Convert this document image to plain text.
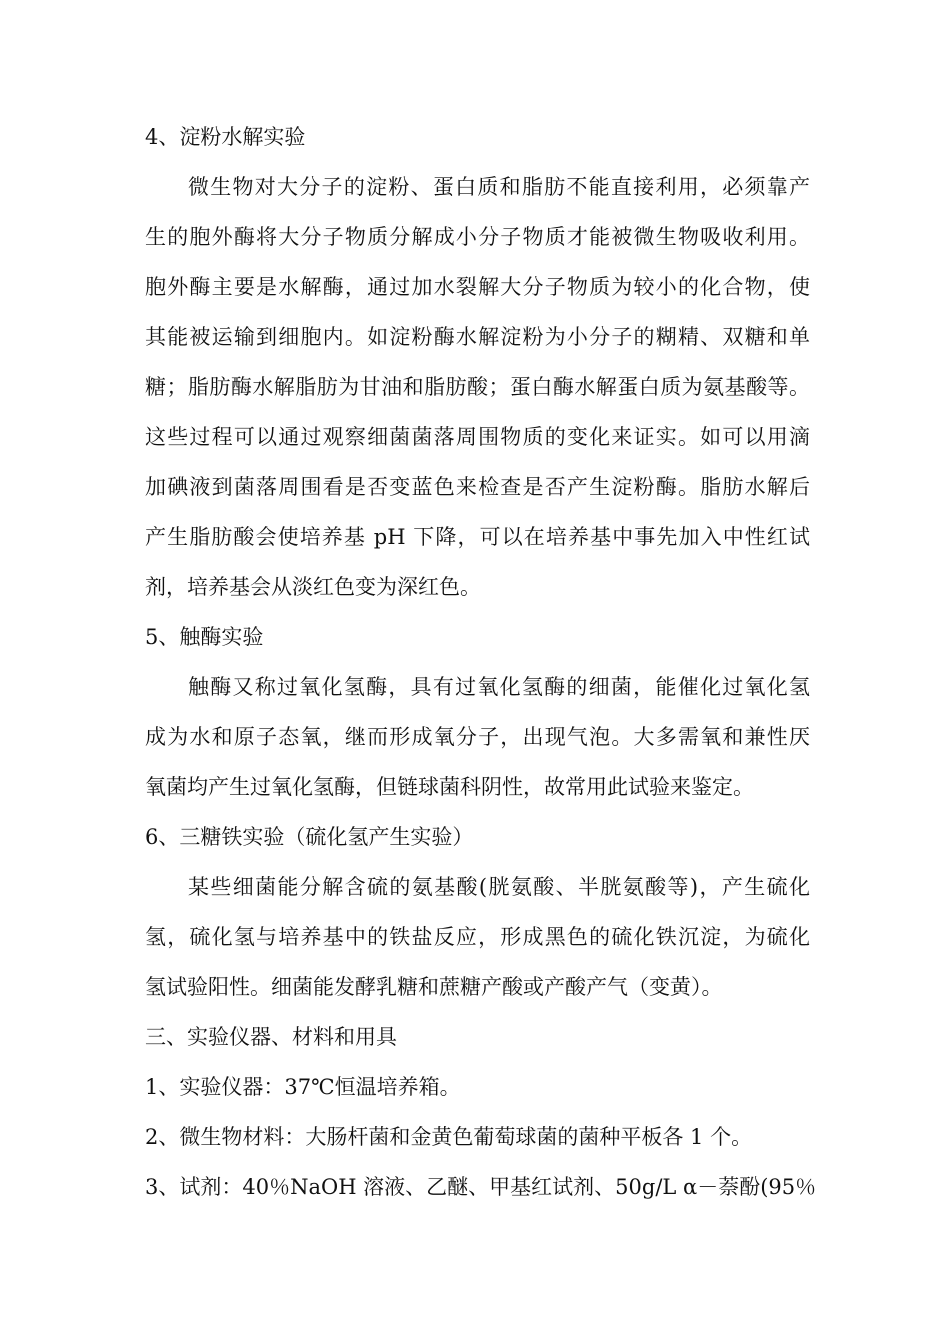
4、淀粉水解实验
微生物对大分子的淀粉、蛋白质和脂肪不能直接利用，必须靠产
生的胞外酶将大分子物质分解成小分子物质才能被微生物吸收利用。
胞外酶主要是水解酶，通过加水裂解大分子物质为较小的化合物，使
其能被运输到细胞内。如淀粉酶水解淀粉为小分子的糊精、双糖和单
糖；脂肪酶水解脂肪为甘油和脂肪酸；蛋白酶水解蛋白质为氨基酸等。
这些过程可以通过观察细菌菌落周围物质的变化来证实。如可以用滴
加碘液到菌落周围看是否变蓝色来检查是否产生淀粉酶。脂肪水解后
产生脂肪酸会使培养基 pH 下降，可以在培养基中事先加入中性红试
剂，培养基会从淡红色变为深红色。
5、触酶实验
触酶又称过氧化氢酶，具有过氧化氢酶的细菌，能催化过氧化氢
成为水和原子态氧，继而形成氧分子，出现气泡。大多需氧和兼性厌
氧菌均产生过氧化氢酶，但链球菌科阴性，故常用此试验来鉴定。
6、三糖铁实验（硫化氢产生实验）
某些细菌能分解含硫的氨基酸(胱氨酸、半胱氨酸等)，产生硫化
氢，硫化氢与培养基中的铁盐反应，形成黑色的硫化铁沉淀，为硫化
氢试验阳性。细菌能发酵乳糖和蔗糖产酸或产酸产气（变黄）。
三、实验仪器、材料和用具
1、实验仪器：37℃恒温培养箱。
2、微生物材料：大肠杆菌和金黄色葡萄球菌的菌种平板各 1 个。
3、试剂：40％NaOH 溶液、乙醚、甲基红试剂、50g/L α－萘酚(95％
